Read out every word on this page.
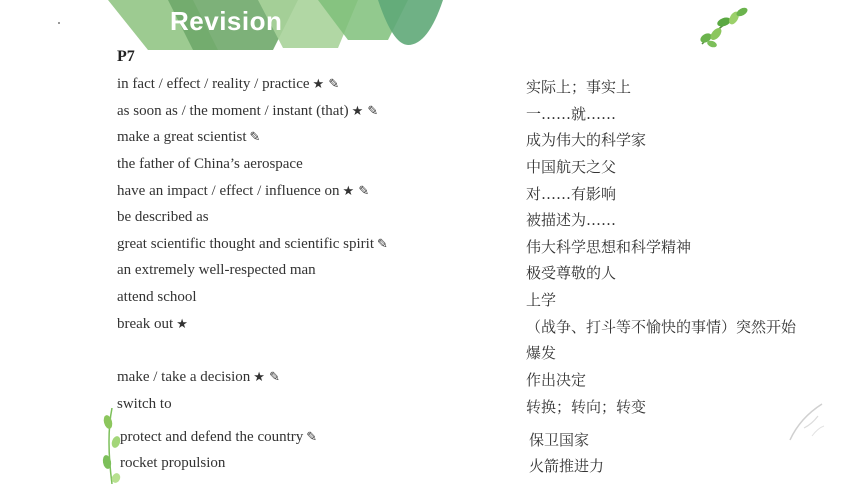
Revision
P7
in fact / effect / reality / practice ★ ✎	实际上；事实上
as soon as / the moment / instant (that) ★ ✎	一……就……
make a great scientist ✎	成为伟大的科学家
the father of China’s aerospace	中国航天之父
have an impact / effect / influence on ★ ✎	对……有影响
be described as	被描述为……
great scientific thought and scientific spirit ✎	伟大科学思想和科学精神
an extremely well-respected man	极受尊敬的人
attend school	上学
break out ★	（战争、打斗等不愉快的事情）突然开始
爆发
make / take a decision ★ ✎	作出决定
switch to	转换；转向；转变
protect and defend the country ✎	保卫国家
rocket propulsion	火箭推进力
